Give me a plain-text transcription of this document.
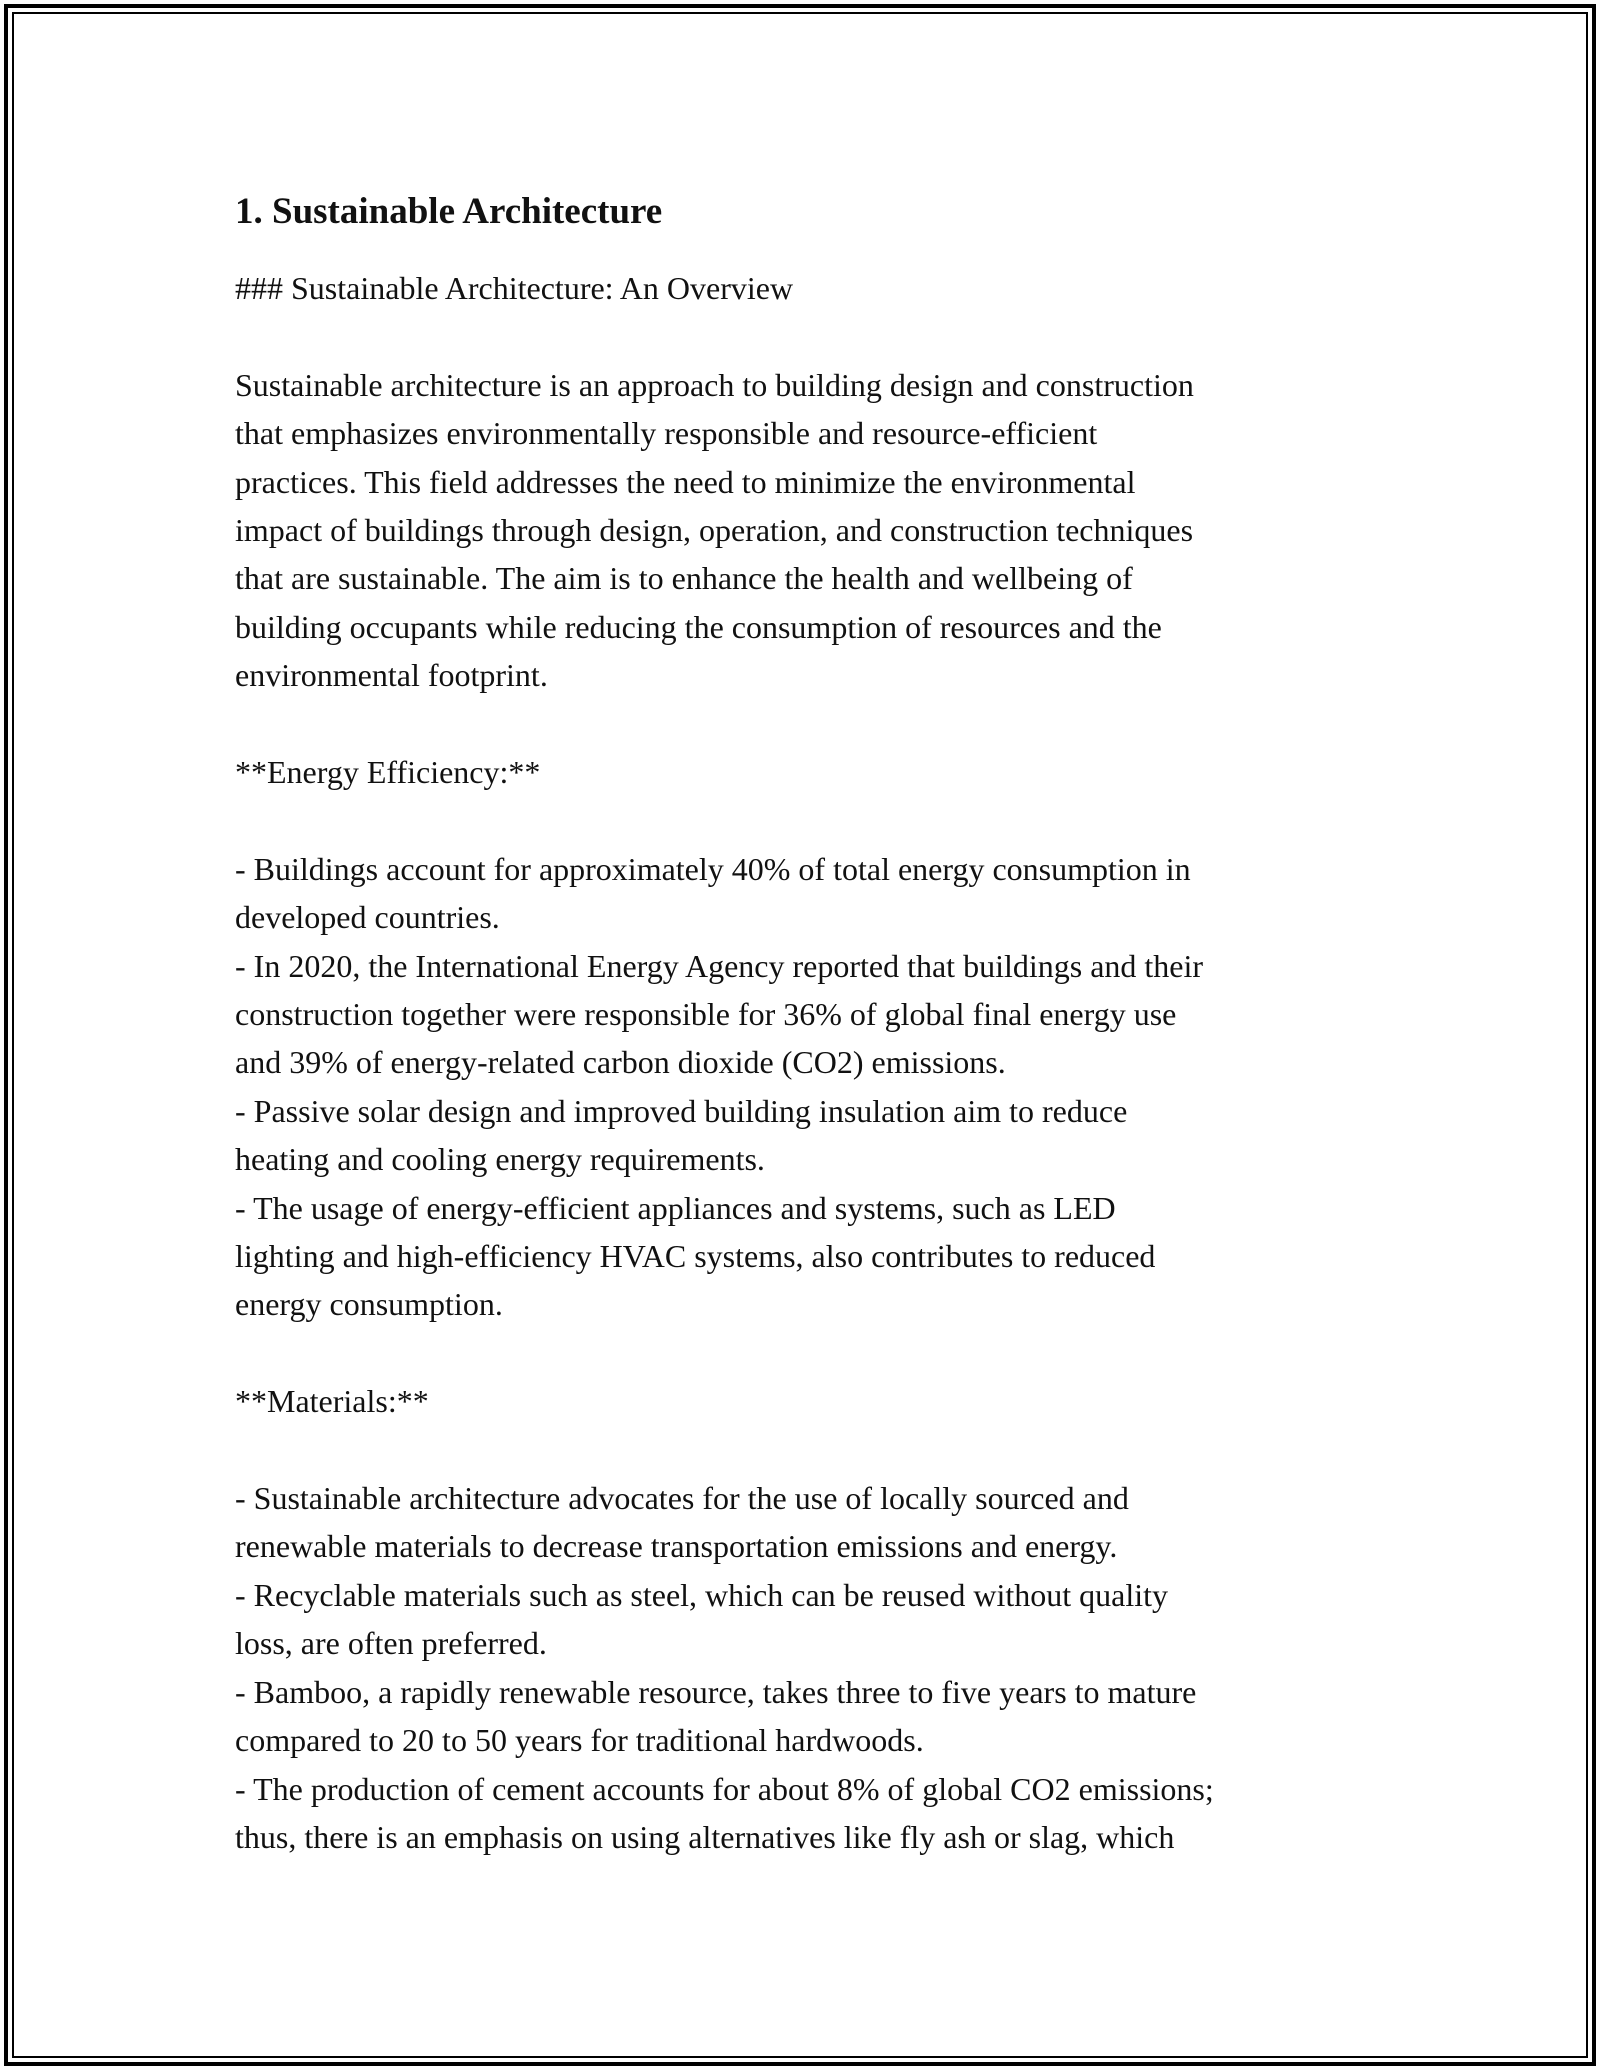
1. Sustainable Architecture
### Sustainable Architecture: An Overview
Sustainable architecture is an approach to building design and construction
that emphasizes environmentally responsible and resource-efficient
practices. This field addresses the need to minimize the environmental
impact of buildings through design, operation, and construction techniques
that are sustainable. The aim is to enhance the health and wellbeing of
building occupants while reducing the consumption of resources and the
environmental footprint.
**Energy Efficiency:**
- Buildings account for approximately 40% of total energy consumption in
developed countries.
- In 2020, the International Energy Agency reported that buildings and their
construction together were responsible for 36% of global final energy use
and 39% of energy-related carbon dioxide (CO2) emissions.
- Passive solar design and improved building insulation aim to reduce
heating and cooling energy requirements.
- The usage of energy-efficient appliances and systems, such as LED
lighting and high-efficiency HVAC systems, also contributes to reduced
energy consumption.
**Materials:**
- Sustainable architecture advocates for the use of locally sourced and
renewable materials to decrease transportation emissions and energy.
- Recyclable materials such as steel, which can be reused without quality
loss, are often preferred.
- Bamboo, a rapidly renewable resource, takes three to five years to mature
compared to 20 to 50 years for traditional hardwoods.
- The production of cement accounts for about 8% of global CO2 emissions;
thus, there is an emphasis on using alternatives like fly ash or slag, which
